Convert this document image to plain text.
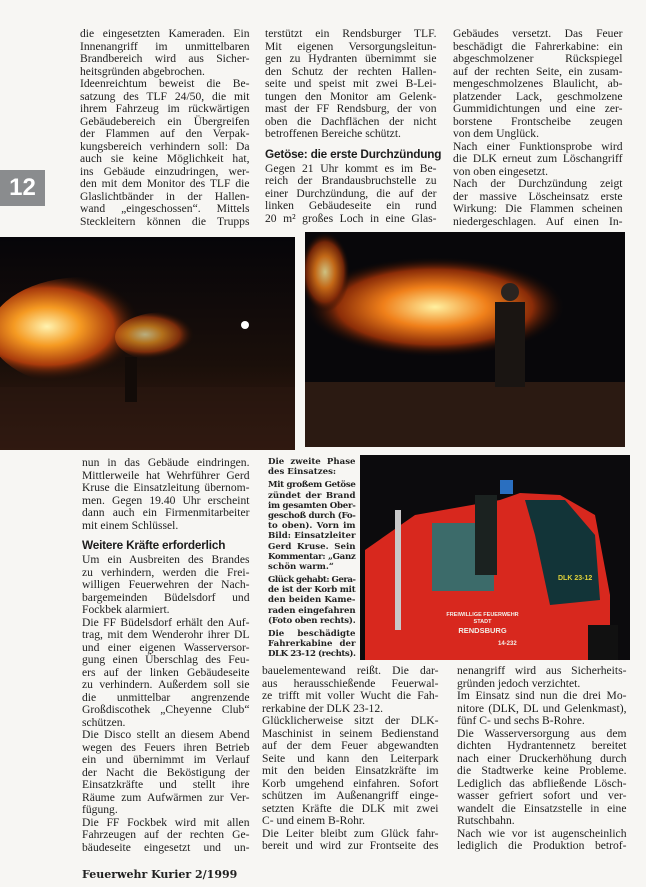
12
die eingesetzten Kameraden. Ein
Innenangriff im unmittelbaren
Brandbereich wird aus Sicher-
heitsgründen abgebrochen.
Ideenreichtum beweist die Be-
satzung des TLF 24/50, die mit
ihrem Fahrzeug im rückwärtigen
Gebäudebereich ein Übergreifen
der Flammen auf den Verpak-
kungsbereich verhindern soll: Da
auch sie keine Möglichkeit hat,
ins Gebäude einzudringen, wer-
den mit dem Monitor des TLF die
Glaslichtbänder in der Hallen-
wand „eingeschossen“. Mittels
Steckleitern können die Trupps
terstützt ein Rendsburger TLF.
Mit eigenen Versorgungsleitun-
gen zu Hydranten übernimmt sie
den Schutz der rechten Hallen-
seite und speist mit zwei B-Lei-
tungen den Monitor am Gelenk-
mast der FF Rendsburg, der von
oben die Dachflächen der nicht
betroffenen Bereiche schützt.
Getöse: die erste Durchzündung
Gegen 21 Uhr kommt es im Be-
reich der Brandausbruchstelle zu
einer Durchzündung, die auf der
linken Gebäudeseite ein rund
20 m² großes Loch in eine Glas-
Gebäudes versetzt. Das Feuer
beschädigt die Fahrerkabine: ein
abgeschmolzener Rückspiegel
auf der rechten Seite, ein zusam-
mengeschmolzenes Blaulicht, ab-
platzender Lack, geschmolzene
Gummidichtungen und eine zer-
borstene Frontscheibe zeugen
von dem Unglück.
Nach einer Funktionsprobe wird
die DLK erneut zum Löschangriff
von oben eingesetzt.
Nach der Durchzündung zeigt
der massive Löscheinsatz erste
Wirkung: Die Flammen scheinen
niedergeschlagen. Auf einen In-
FREIWILLIGE FEUERWEHR
STADT
RENDSBURG
14-232
DLK 23-12
nun in das Gebäude eindringen.
Mittlerweile hat Wehrführer Gerd
Kruse die Einsatzleitung übernom-
men. Gegen 19.40 Uhr erscheint
dann auch ein Firmenmitarbeiter
mit einem Schlüssel.
Weitere Kräfte erforderlich
Um ein Ausbreiten des Brandes
zu verhindern, werden die Frei-
willigen Feuerwehren der Nach-
bargemeinden Büdelsdorf und
Fockbek alarmiert.
Die FF Büdelsdorf erhält den Auf-
trag, mit dem Wenderohr ihrer DL
und einer eigenen Wasserversor-
gung einen Überschlag des Feu-
ers auf der linken Gebäudeseite
zu verhindern. Außerdem soll sie
die unmittelbar angrenzende
Großdiscothek „Cheyenne Club“
schützen.
Die Disco stellt an diesem Abend
wegen des Feuers ihren Betrieb
ein und übernimmt im Verlauf
der Nacht die Beköstigung der
Einsatzkräfte und stellt ihre
Räume zum Aufwärmen zur Ver-
fügung.
Die FF Fockbek wird mit allen
Fahrzeugen auf der rechten Ge-
bäudeseite eingesetzt und un-
Die zweite Phase
des Einsatzes:
Mit großem Getöse
zündet der Brand
im gesamten Ober-
geschoß durch (Fo-
to oben). Vorn im
Bild: Einsatzleiter
Gerd Kruse. Sein
Kommentar: „Ganz
schön warm.“
Glück gehabt: Gera-
de ist der Korb mit
den beiden Kame-
raden eingefahren
(Foto oben rechts).
Die beschädigte
Fahrerkabine der
DLK 23-12 (rechts).
bauelementewand reißt. Die dar-
aus herausschießende Feuerwal-
ze trifft mit voller Wucht die Fah-
rerkabine der DLK 23-12.
Glücklicherweise sitzt der DLK-
Maschinist in seinem Bedienstand
auf der dem Feuer abgewandten
Seite und kann den Leiterpark
mit den beiden Einsatzkräfte im
Korb umgehend einfahren. Sofort
schützen im Außenangriff einge-
setzten Kräfte die DLK mit zwei
C- und einem B-Rohr.
Die Leiter bleibt zum Glück fahr-
bereit und wird zur Frontseite des
nenangriff wird aus Sicherheits-
gründen jedoch verzichtet.
Im Einsatz sind nun die drei Mo-
nitore (DLK, DL und Gelenkmast),
fünf C- und sechs B-Rohre.
Die Wasserversorgung aus dem
dichten Hydrantennetz bereitet
nach einer Druckerhöhung durch
die Stadtwerke keine Probleme.
Lediglich das abfließende Lösch-
wasser gefriert sofort und ver-
wandelt die Einsatzstelle in eine
Rutschbahn.
Nach wie vor ist augenscheinlich
lediglich die Produktion betrof-
Feuerwehr Kurier 2/1999
